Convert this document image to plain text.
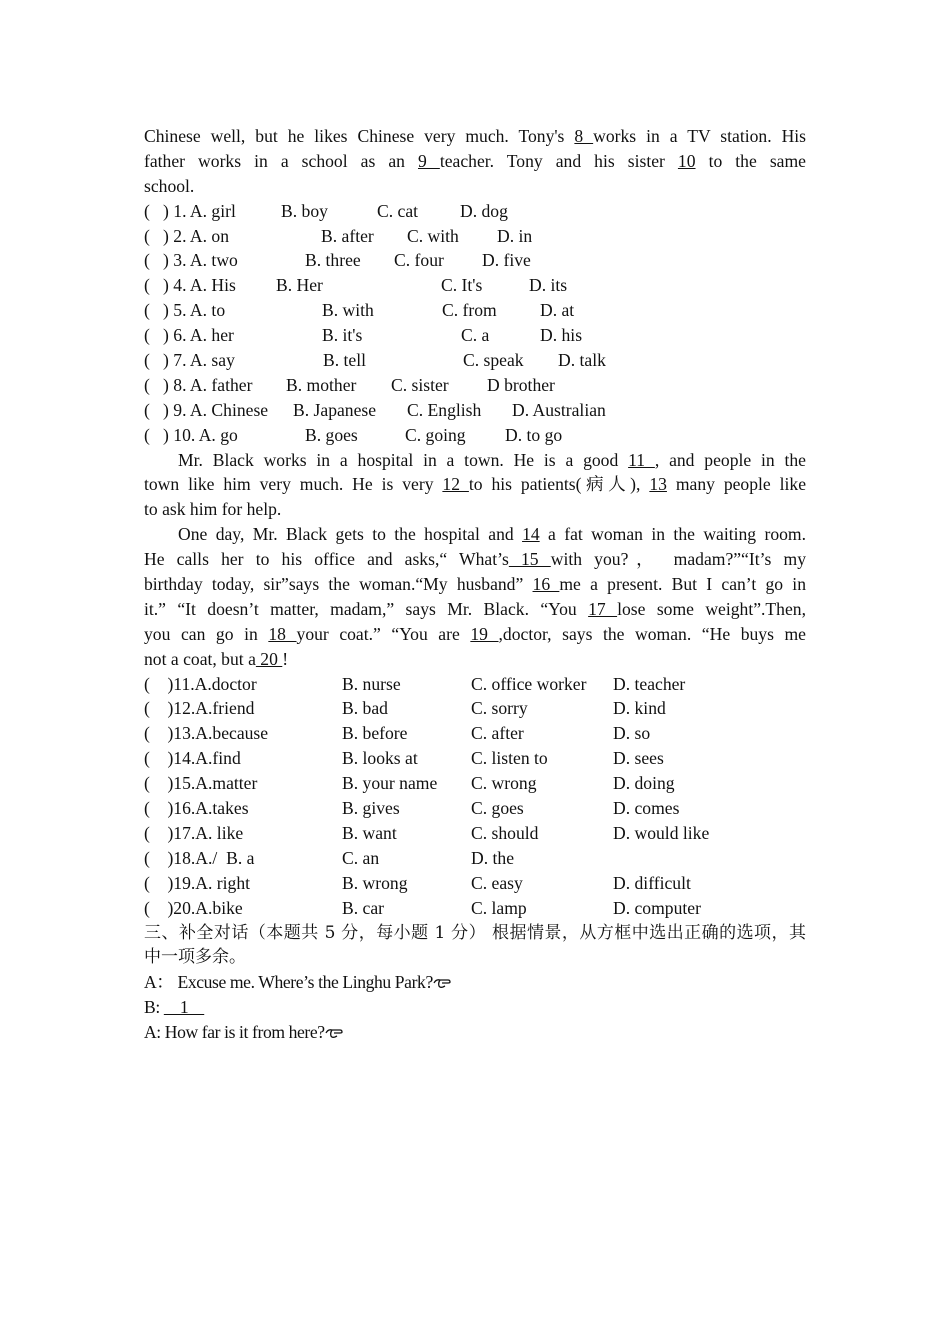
Chinese well, but he likes Chinese very much. Tony's 8 works in a TV station. His
father works in a school as an 9 teacher. Tony and his sister 10 to the same
school.
(   ) 1. A. girl	B. boy	C. cat D. dog
(   ) 2. A. on	B. after C. with D. in
(   ) 3. A. two	B. three C. four D. five
(   ) 4. A. His B. Her	C. It's	D. its
(   ) 5. A. to	B. with	C. from D. at
(   ) 6. A. her	B. it's	C. a	D. his
(   ) 7. A. say	B. tell	C. speak D. talk
(   ) 8. A. father B. mother C. sister D brother
(   ) 9. A. Chinese B. Japanese C. English D. Australian
(   ) 10. A. go	B. goes	C. going D. to go
Mr. Black works in a hospital in a town. He is a good 11 , and people in the
town like him very much. He is very 12 to his patients(病人), 13 many people like
to ask him for help.
One day, Mr. Black gets to the hospital and 14 a fat woman in the waiting room.
He calls her to his office and asks,“ What’s 15 with you?， madam?”“It’s my
birthday today, sir”says the woman.“My husband” 16 me a present. But I can’t go in
it.” “It doesn’t matter, madam,” says Mr. Black. “You 17 lose some weight”.Then,
you can go in 18 your coat.” “You are 19 ,doctor, says the woman. “He buys me
not a coat, but a 20 !
(    )11.A.doctor	B. nurse	C. office worker D. teacher
(    )12.A.friend	B. bad	C. sorry	D. kind
(    )13.A.because	B. before	C. after	D. so
(    )14.A.find	B. looks at	C. listen to	D. sees
(    )15.A.matter	B. your name C. wrong	D. doing
(    )16.A.takes	B. gives	C. goes	D. comes
(    )17.A. like	B. want	C. should	D. would like
(    )18.A./  B. a	C. an	D. the
(    )19.A. right	B. wrong	C. easy	D. difficult
(    )20.A.bike	B. car	C. lamp	D. computer
三、补全对话（本题共 5 分，每小题 1 分） 根据情景，从方框中选出正确的选项，其
中一项多余。
A： Excuse me. Where’s the Linghu Park?
B:     1
A: How far is it from here?
